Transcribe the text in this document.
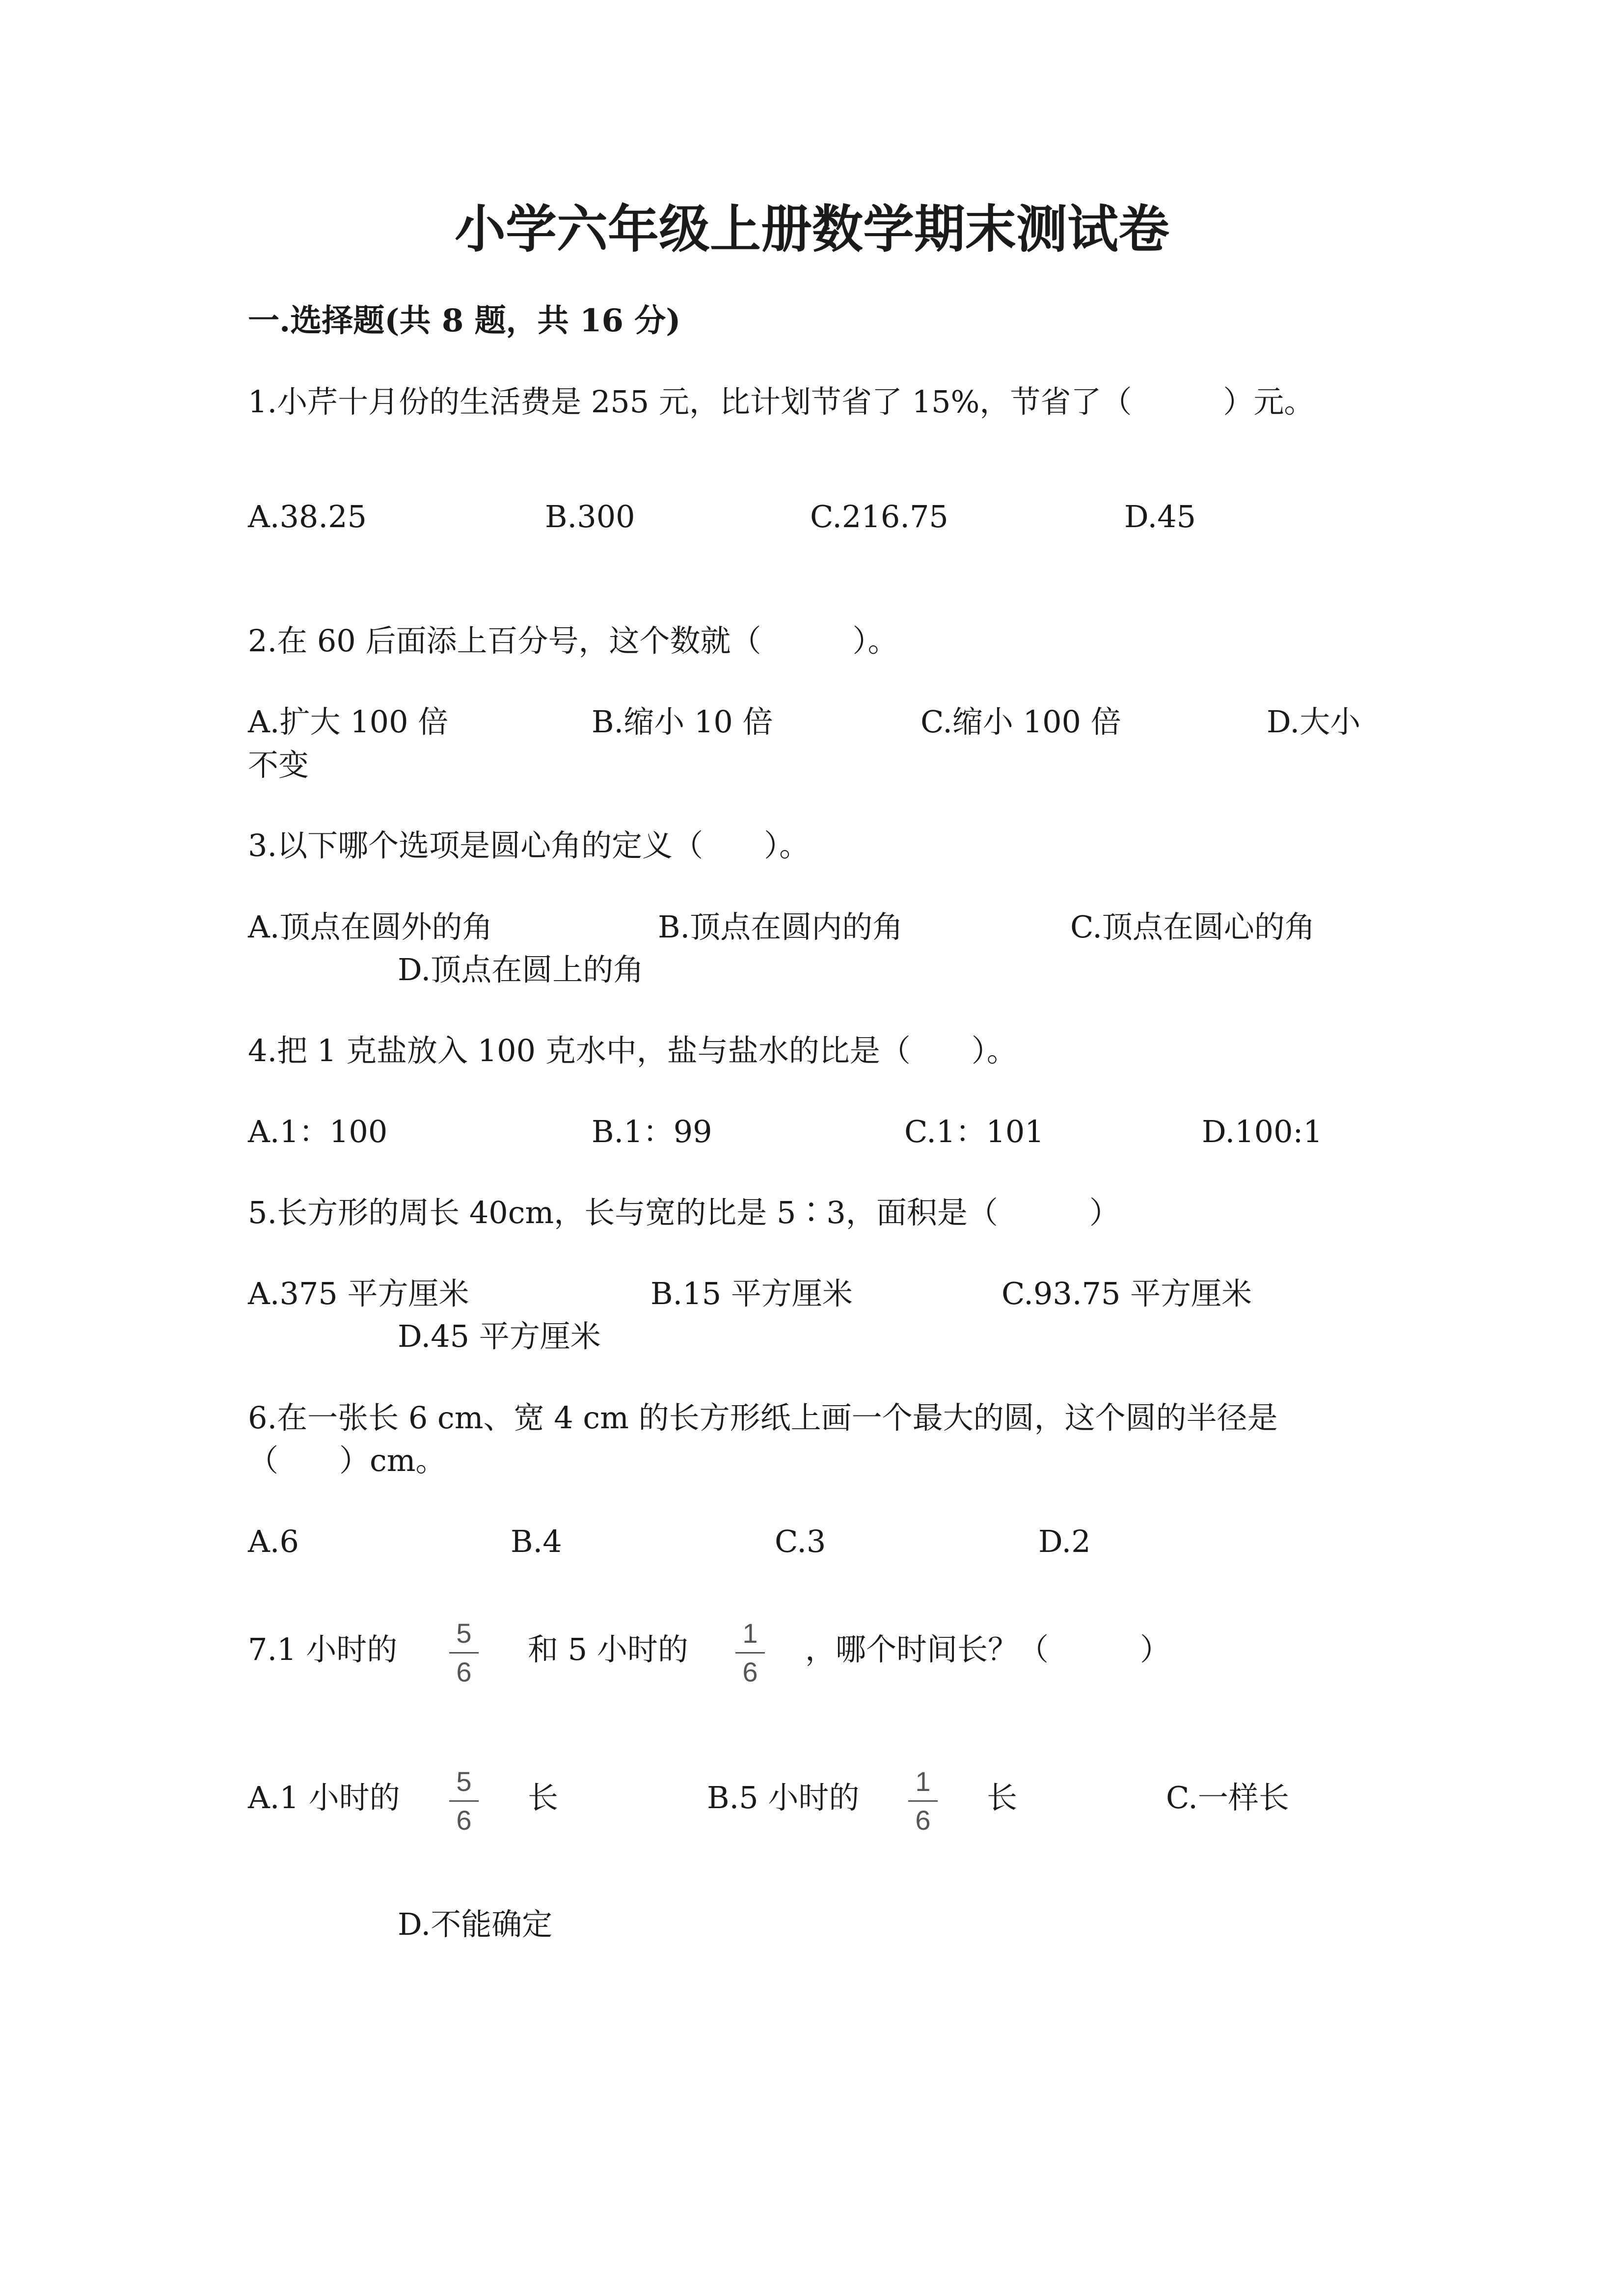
小学六年级上册数学期末测试卷
一.选择题(共 8 题，共 16 分)
1.小芹十月份的生活费是 255 元，比计划节省了 15%，节省了（　　　）元。
A.38.25	B.300	C.216.75	D.45
2.在 60 后面添上百分号，这个数就（　　　）。
A.扩大 100 倍	B.缩小 10 倍	C.缩小 100 倍	D.大小
不变
3.以下哪个选项是圆心角的定义（　　）。
A.顶点在圆外的角	B.顶点在圆内的角	C.顶点在圆心的角
D.顶点在圆上的角
4.把 1 克盐放入 100 克水中，盐与盐水的比是（　　）。
A.1：100	B.1：99	C.1：101	D.100:1
5.长方形的周长 40cm，长与宽的比是 5∶3，面积是（　　　）
A.375 平方厘米	B.15 平方厘米	C.93.75 平方厘米
D.45 平方厘米
6.在一张长 6 cm、宽 4 cm 的长方形纸上画一个最大的圆，这个圆的半径是
（　　）cm。
A.6	B.4	C.3	D.2
7.1 小时的 5
6
和 5 小时的 1
6
，哪个时间长？（　　　）
A.1 小时的 5
6
长	B.5 小时的 1
6
长	C.一样长
D.不能确定
